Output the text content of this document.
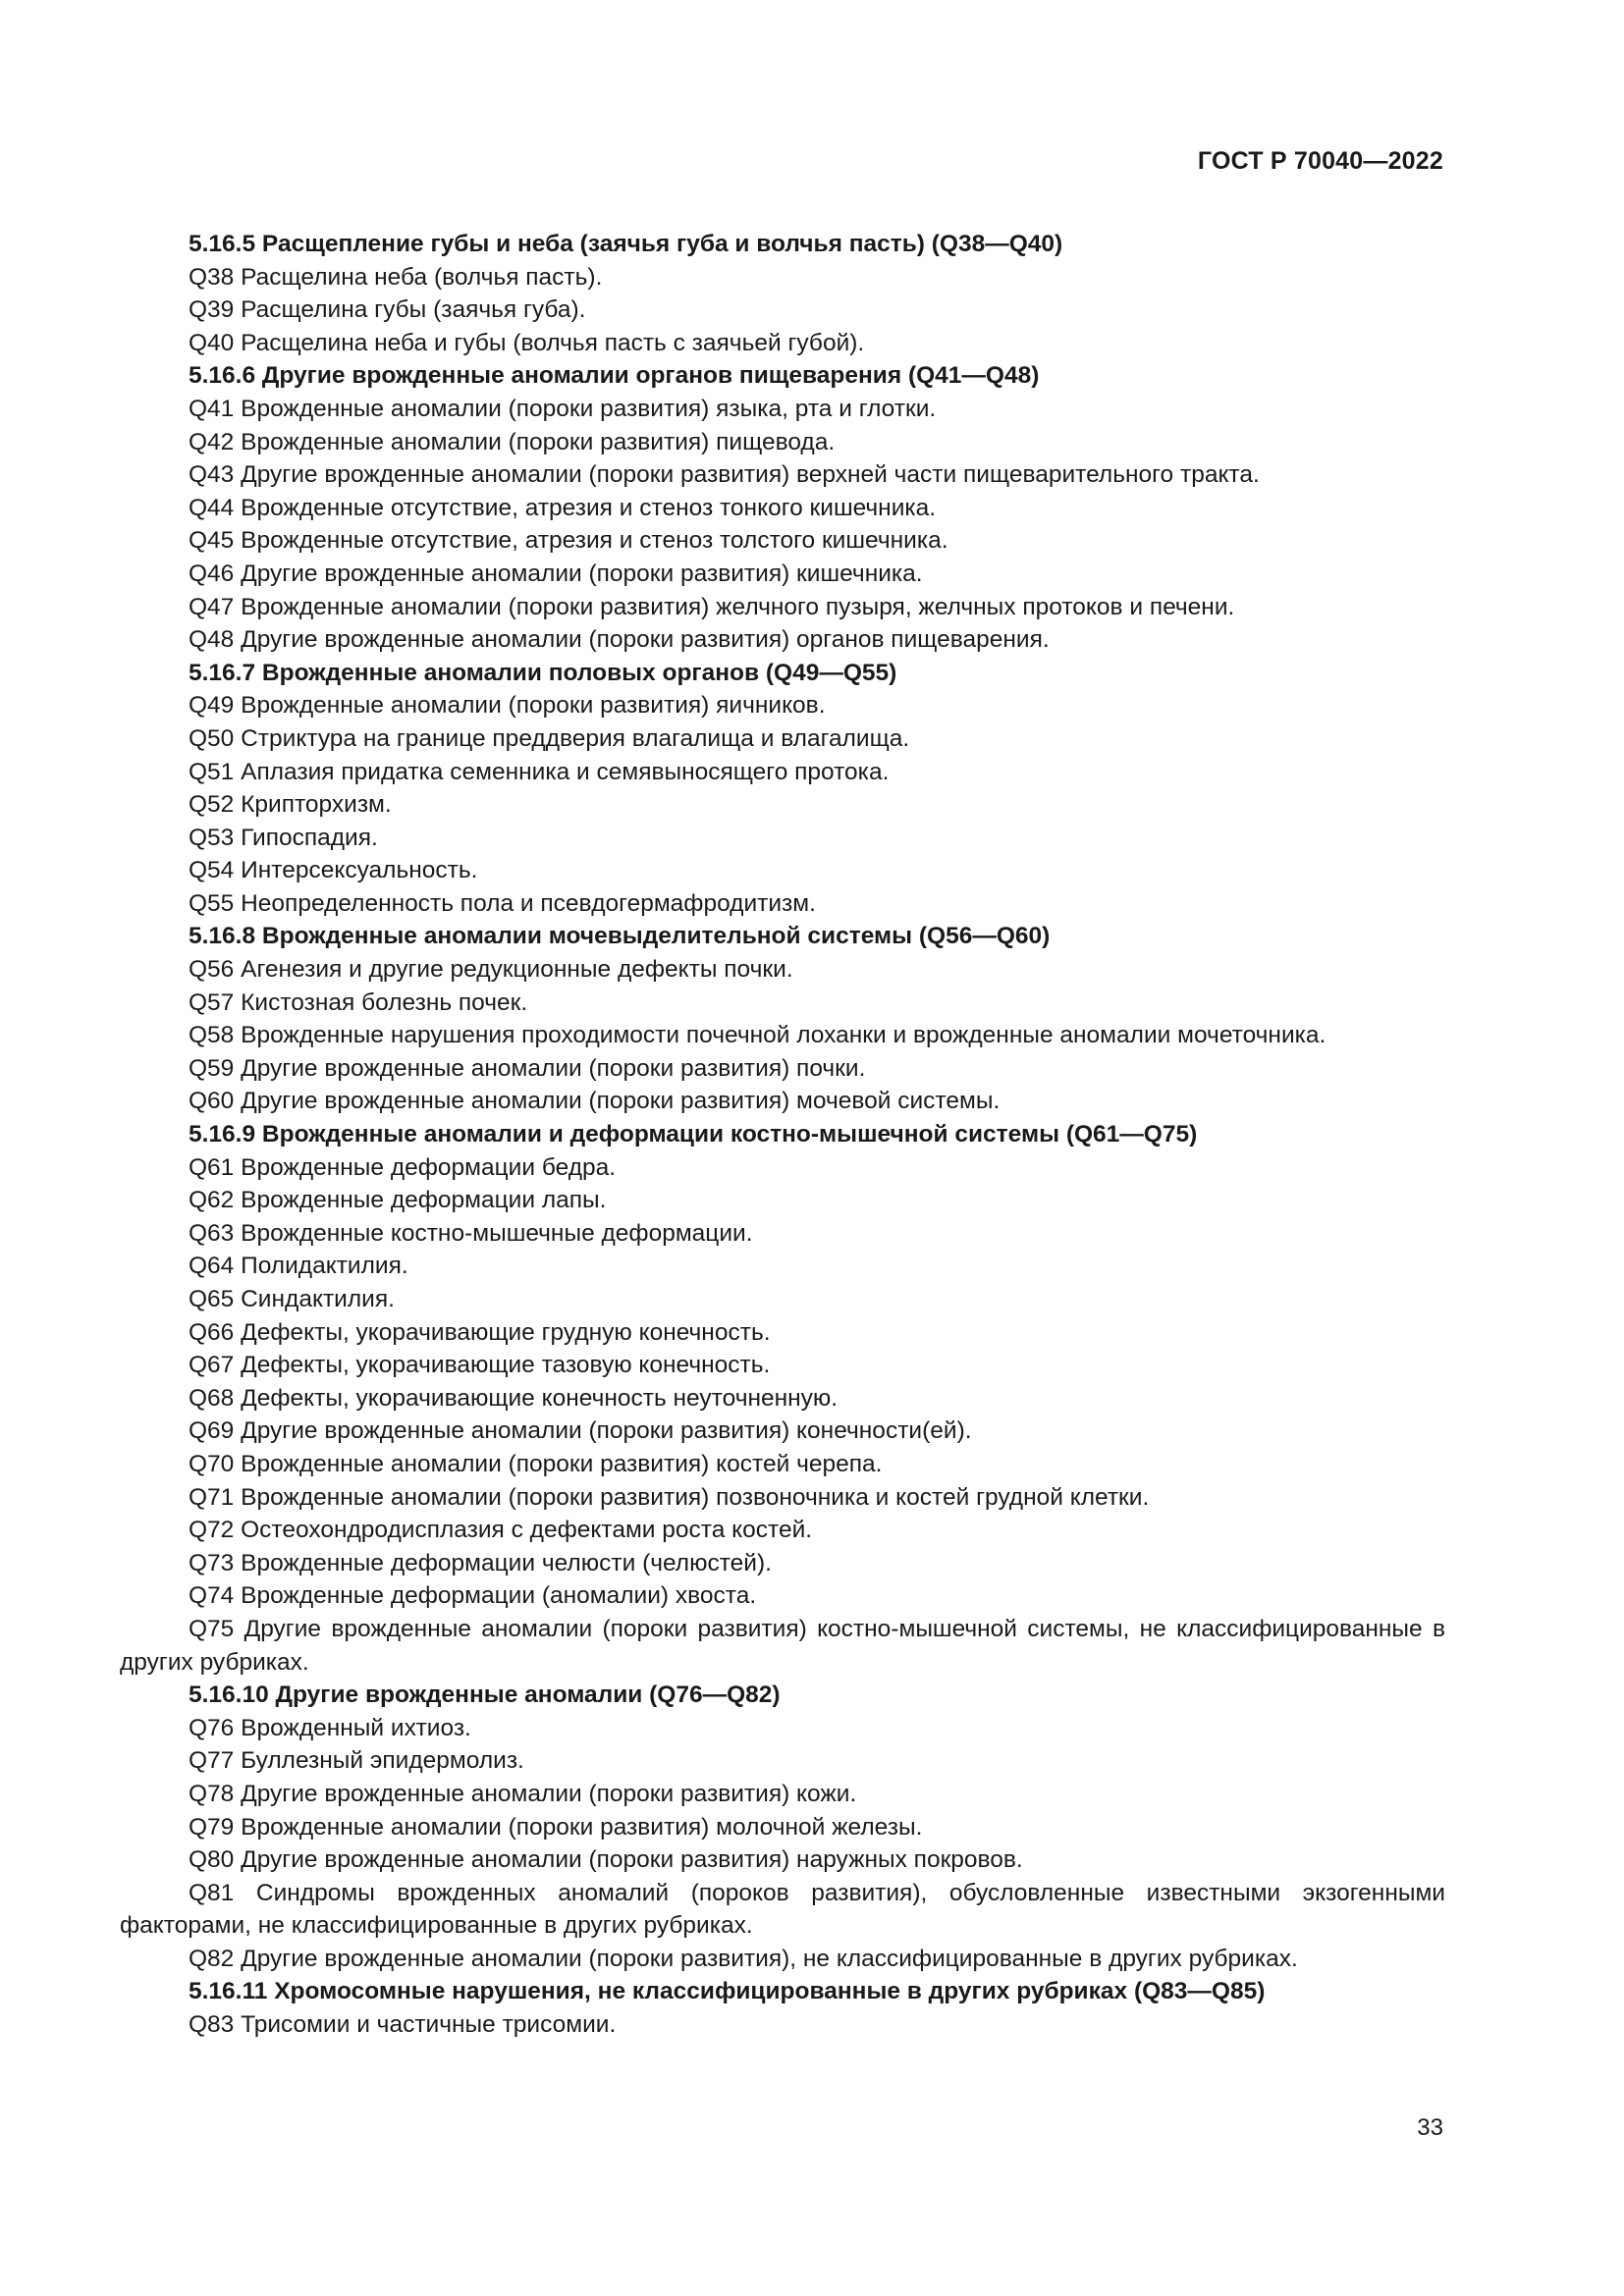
ГОСТ Р 70040—2022

5.16.5 Расщепление губы и неба (заячья губа и волчья пасть) (Q38—Q40)

Q38 Расщелина неба (волчья пасть).

Q39 Расщелина губы (заячья губа).

Q40 Расщелина неба и губы (волчья пасть с заячьей губой).

5.16.6 Другие врожденные аномалии органов пищеварения (Q41—Q48)

Q41 Врожденные аномалии (пороки развития) языка, рта и глотки.

Q42 Врожденные аномалии (пороки развития) пищевода.

Q43 Другие врожденные аномалии (пороки развития) верхней части пищеварительного тракта.

Q44 Врожденные отсутствие, атрезия и стеноз тонкого кишечника.

Q45 Врожденные отсутствие, атрезия и стеноз толстого кишечника.

Q46 Другие врожденные аномалии (пороки развития) кишечника.

Q47 Врожденные аномалии (пороки развития) желчного пузыря, желчных протоков и печени.

Q48 Другие врожденные аномалии (пороки развития) органов пищеварения.

5.16.7 Врожденные аномалии половых органов (Q49—Q55)

Q49 Врожденные аномалии (пороки развития) яичников.

Q50 Стриктура на границе преддверия влагалища и влагалища.

Q51 Аплазия придатка семенника и семявыносящего протока.

Q52 Крипторхизм.

Q53 Гипоспадия.

Q54 Интерсексуальность.

Q55 Неопределенность пола и псевдогермафродитизм.

5.16.8 Врожденные аномалии мочевыделительной системы (Q56—Q60)

Q56 Агенезия и другие редукционные дефекты почки.

Q57 Кистозная болезнь почек.

Q58 Врожденные нарушения проходимости почечной лоханки и врожденные аномалии мочеточника.

Q59 Другие врожденные аномалии (пороки развития) почки.

Q60 Другие врожденные аномалии (пороки развития) мочевой системы.

5.16.9 Врожденные аномалии и деформации костно-мышечной системы (Q61—Q75)

Q61 Врожденные деформации бедра.

Q62 Врожденные деформации лапы.

Q63 Врожденные костно-мышечные деформации.

Q64 Полидактилия.

Q65 Синдактилия.

Q66 Дефекты, укорачивающие грудную конечность.

Q67 Дефекты, укорачивающие тазовую конечность.

Q68 Дефекты, укорачивающие конечность неуточненную.

Q69 Другие врожденные аномалии (пороки развития) конечности(ей).

Q70 Врожденные аномалии (пороки развития) костей черепа.

Q71 Врожденные аномалии (пороки развития) позвоночника и костей грудной клетки.

Q72 Остеохондродисплазия с дефектами роста костей.

Q73 Врожденные деформации челюсти (челюстей).

Q74 Врожденные деформации (аномалии) хвоста.

Q75 Другие врожденные аномалии (пороки развития) костно-мышечной системы, не классифицированные в других рубриках.

5.16.10 Другие врожденные аномалии (Q76—Q82)

Q76 Врожденный ихтиоз.

Q77 Буллезный эпидермолиз.

Q78 Другие врожденные аномалии (пороки развития) кожи.

Q79 Врожденные аномалии (пороки развития) молочной железы.

Q80 Другие врожденные аномалии (пороки развития) наружных покровов.

Q81 Синдромы врожденных аномалий (пороков развития), обусловленные известными экзогенными факторами, не классифицированные в других рубриках.

Q82 Другие врожденные аномалии (пороки развития), не классифицированные в других рубриках.

5.16.11 Хромосомные нарушения, не классифицированные в других рубриках (Q83—Q85)

Q83 Трисомии и частичные трисомии.

33
